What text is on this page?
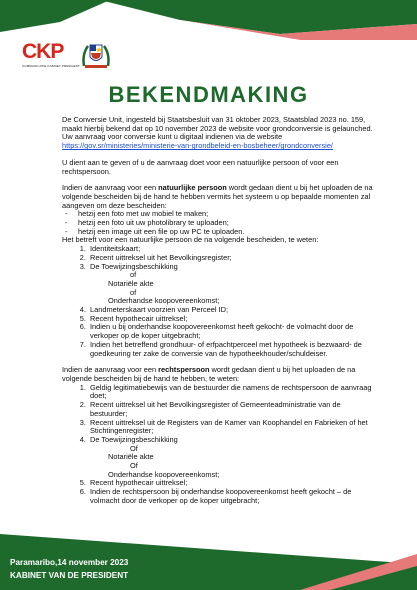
CKP
COMMUNICATIE KABINET PRESIDENT
BEKENDMAKING

De Conversie Unit, ingesteld bij Staatsbesluit van 31 oktober 2023, Staatsblad 2023 no. 159, maakt hierbij bekend dat op 10 november 2023 de website voor grondconversie is gelaunched.
Uw aanvraag voor conversie kunt u digitaal indienen via de website
https://gov.sr/ministeries/ministerie-van-grondbeleid-en-bosbeheer/grondconversie/

U dient aan te geven of u de aanvraag doet voor een natuurlijke persoon of voor een rechtspersoon.

Indien de aanvraag voor een natuurlijke persoon wordt gedaan dient u bij het uploaden de na volgende bescheiden bij de hand te hebben vermits het systeem u op bepaalde momenten zal aangeven om deze bescheiden:

- hetzij een foto met uw mobiel te maken;
- hetzij een foto uit uw photolibrary te uploaden;
- hetzij een image uit een file op uw PC te uploaden.

Het betreft voor een natuurlijke persoon de na volgende bescheiden, te weten:

1. Identiteitskaart;
2. Recent uittreksel uit het Bevolkingsregister;
3. De Toewijzingsbeschikking
of
Notariële akte
of
Onderhandse koopovereenkomst;
4. Landmeterskaart voorzien van Perceel ID;
5. Recent hypothecair uittreksel;
6. Indien u bij onderhandse koopovereenkomst heeft gekocht- de volmacht door de verkoper op de koper uitgebracht;
7. Indien het betreffend grondhuur- of erfpachtperceel met hypotheek is bezwaard- de goedkeuring ter zake de conversie van de hypotheekhouder/schuldeiser.

Indien de aanvraag voor een rechtspersoon wordt gedaan dient u bij het uploaden de na volgende bescheiden bij de hand te hebben, te weten:

1. Geldig legitimatiebewijs van de bestuurder die namens de rechtspersoon de aanvraag doet;
2. Recent uittreksel uit het Bevolkingsregister of Gemeenteadministratie van de bestuurder;
3. Recent uittreksel uit de Registers van de Kamer van Koophandel en Fabrieken of het Stichtingenregister;
4. De Toewijzingsbeschikking
Of
Notariële akte
Of
Onderhandse koopovereenkomst;
5. Recent hypothecair uittreksel;
6. Indien de rechtspersoon bij onderhandse koopovereenkomst heeft gekocht – de volmacht door de verkoper op de koper uitgebracht;
Paramaribo,14 november 2023
KABINET VAN DE PRESIDENT
